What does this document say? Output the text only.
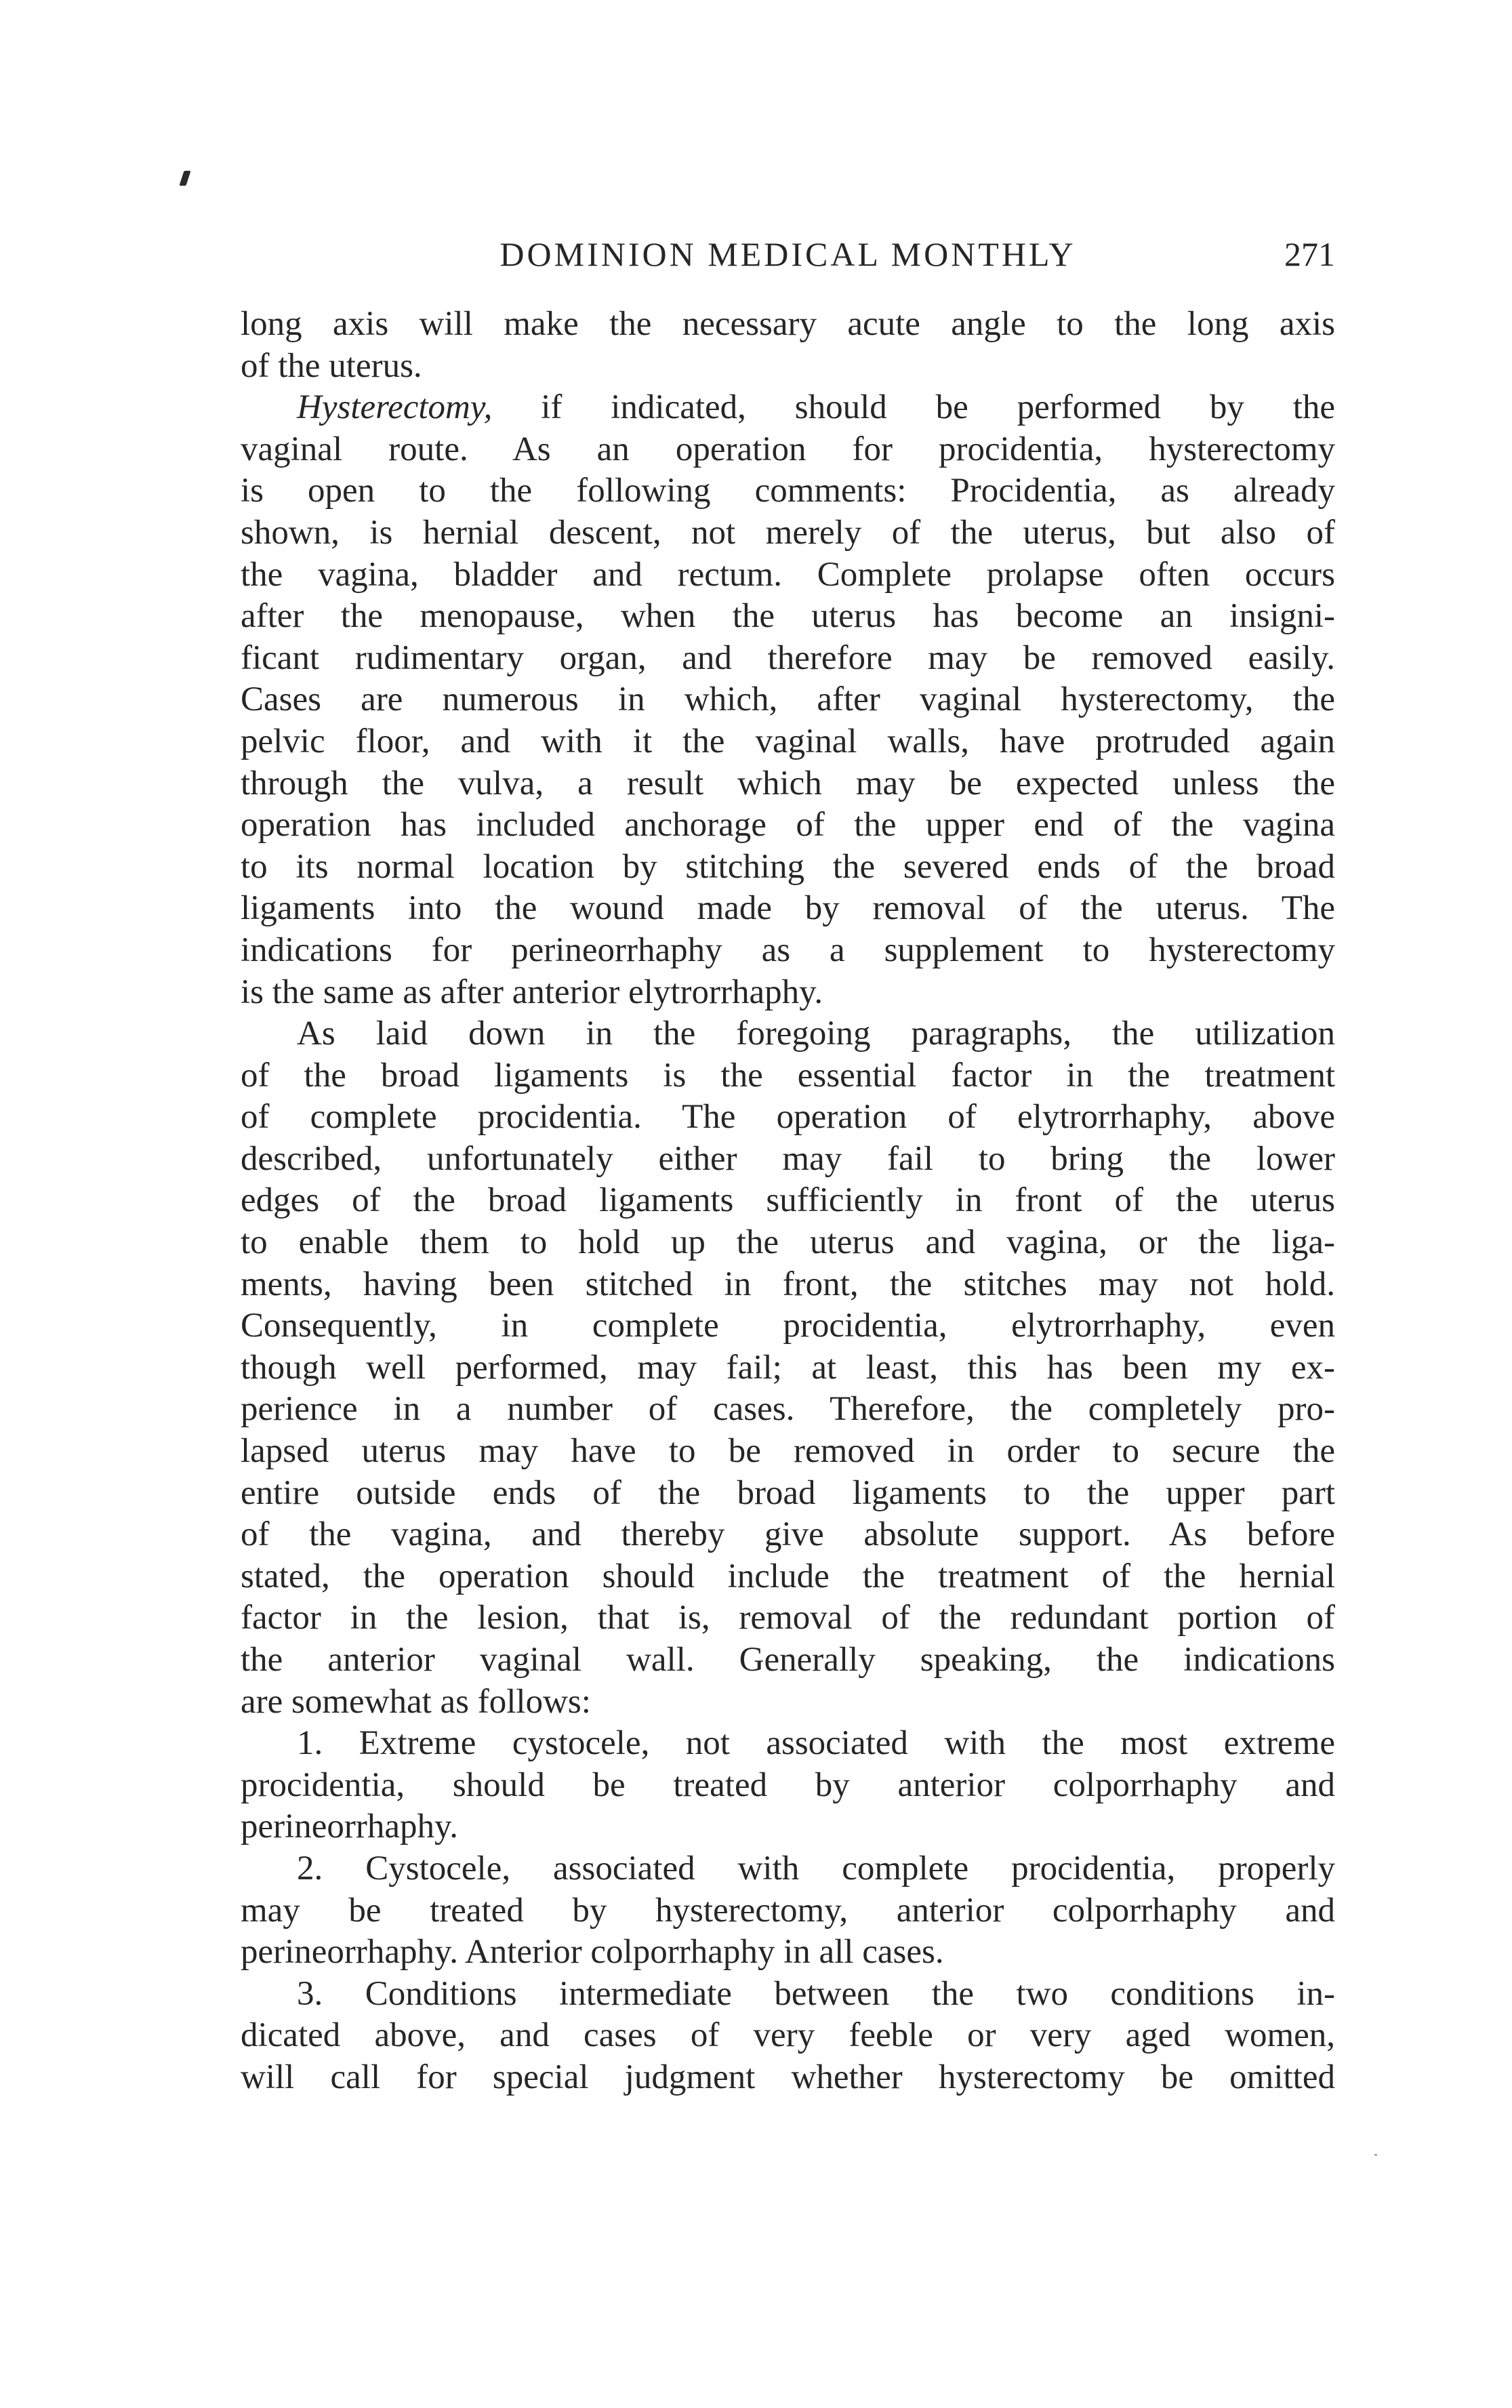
DOMINION MEDICAL MONTHLY	271
long axis will make the necessary acute angle to the long axis
of the uterus.
Hysterectomy, if indicated, should be performed by the
vaginal route. As an operation for procidentia, hysterectomy
is open to the following comments: Procidentia, as already
shown, is hernial descent, not merely of the uterus, but also of
the vagina, bladder and rectum. Complete prolapse often occurs
after the menopause, when the uterus has become an insigni-
ficant rudimentary organ, and therefore may be removed easily.
Cases are numerous in which, after vaginal hysterectomy, the
pelvic floor, and with it the vaginal walls, have protruded again
through the vulva, a result which may be expected unless the
operation has included anchorage of the upper end of the vagina
to its normal location by stitching the severed ends of the broad
ligaments into the wound made by removal of the uterus. The
indications for perineorrhaphy as a supplement to hysterectomy
is the same as after anterior elytrorrhaphy.
As laid down in the foregoing paragraphs, the utilization
of the broad ligaments is the essential factor in the treatment
of complete procidentia. The operation of elytrorrhaphy, above
described, unfortunately either may fail to bring the lower
edges of the broad ligaments sufficiently in front of the uterus
to enable them to hold up the uterus and vagina, or the liga-
ments, having been stitched in front, the stitches may not hold.
Consequently, in complete procidentia, elytrorrhaphy, even
though well performed, may fail; at least, this has been my ex-
perience in a number of cases. Therefore, the completely pro-
lapsed uterus may have to be removed in order to secure the
entire outside ends of the broad ligaments to the upper part
of the vagina, and thereby give absolute support. As before
stated, the operation should include the treatment of the hernial
factor in the lesion, that is, removal of the redundant portion of
the anterior vaginal wall. Generally speaking, the indications
are somewhat as follows:
1. Extreme cystocele, not associated with the most extreme
procidentia, should be treated by anterior colporrhaphy and
perineorrhaphy.
2. Cystocele, associated with complete procidentia, properly
may be treated by hysterectomy, anterior colporrhaphy and
perineorrhaphy. Anterior colporrhaphy in all cases.
3. Conditions intermediate between the two conditions in-
dicated above, and cases of very feeble or very aged women,
will call for special judgment whether hysterectomy be omitted
